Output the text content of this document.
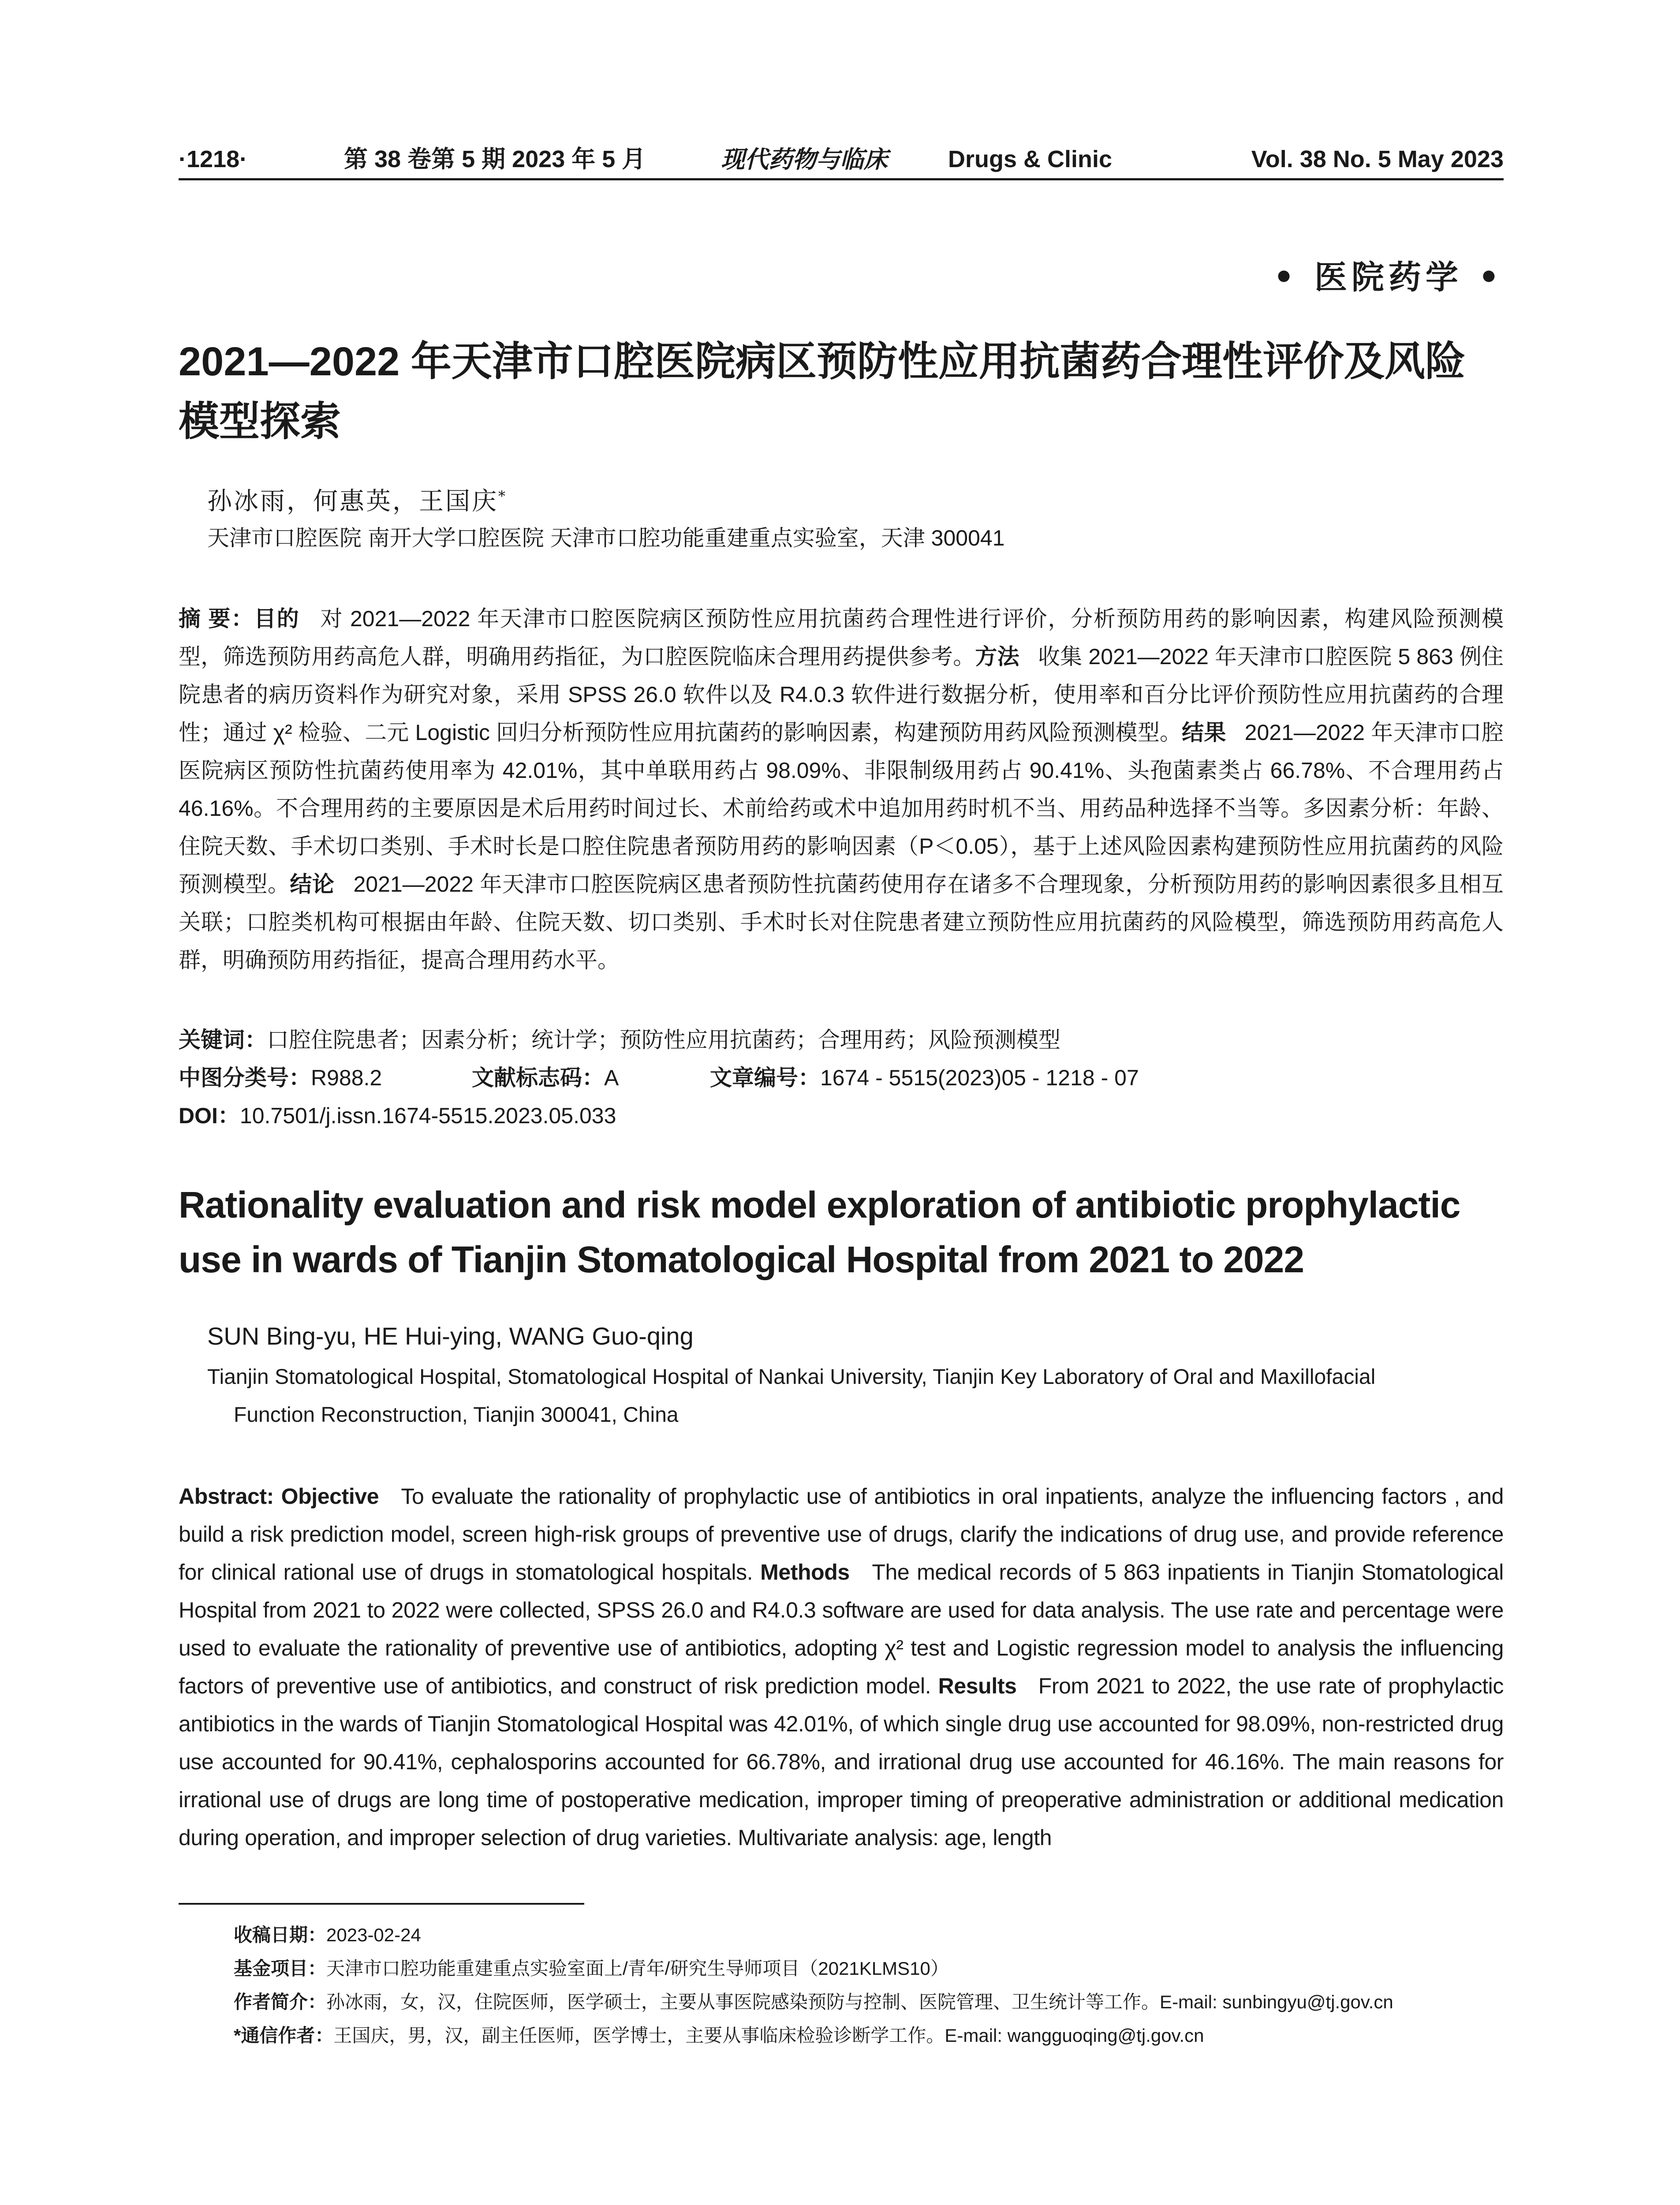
·1218·	第 38 卷第 5 期 2023 年 5 月	现代药物与临床	Drugs & Clinic	Vol. 38 No. 5 May 2023
• 医院药学 •
2021—2022 年天津市口腔医院病区预防性应用抗菌药合理性评价及风险模型探索
孙冰雨，何惠英，王国庆*
天津市口腔医院 南开大学口腔医院 天津市口腔功能重建重点实验室，天津 300041
摘 要：目的 对 2021—2022 年天津市口腔医院病区预防性应用抗菌药合理性进行评价，分析预防用药的影响因素，构建风险预测模型，筛选预防用药高危人群，明确用药指征，为口腔医院临床合理用药提供参考。方法 收集 2021—2022 年天津市口腔医院 5 863 例住院患者的病历资料作为研究对象，采用 SPSS 26.0 软件以及 R4.0.3 软件进行数据分析，使用率和百分比评价预防性应用抗菌药的合理性；通过 χ² 检验、二元 Logistic 回归分析预防性应用抗菌药的影响因素，构建预防用药风险预测模型。结果 2021—2022 年天津市口腔医院病区预防性抗菌药使用率为 42.01%，其中单联用药占 98.09%、非限制级用药占 90.41%、头孢菌素类占 66.78%、不合理用药占 46.16%。不合理用药的主要原因是术后用药时间过长、术前给药或术中追加用药时机不当、用药品种选择不当等。多因素分析：年龄、住院天数、手术切口类别、手术时长是口腔住院患者预防用药的影响因素（P＜0.05），基于上述风险因素构建预防性应用抗菌药的风险预测模型。结论 2021—2022 年天津市口腔医院病区患者预防性抗菌药使用存在诸多不合理现象，分析预防用药的影响因素很多且相互关联；口腔类机构可根据由年龄、住院天数、切口类别、手术时长对住院患者建立预防性应用抗菌药的风险模型，筛选预防用药高危人群，明确预防用药指征，提高合理用药水平。
关键词：口腔住院患者；因素分析；统计学；预防性应用抗菌药；合理用药；风险预测模型
中图分类号：R988.2	文献标志码：A	文章编号：1674 - 5515(2023)05 - 1218 - 07
DOI：10.7501/j.issn.1674-5515.2023.05.033
Rationality evaluation and risk model exploration of antibiotic prophylactic use in wards of Tianjin Stomatological Hospital from 2021 to 2022
SUN Bing-yu, HE Hui-ying, WANG Guo-qing
Tianjin Stomatological Hospital, Stomatological Hospital of Nankai University, Tianjin Key Laboratory of Oral and Maxillofacial
Function Reconstruction, Tianjin 300041, China
Abstract: Objective To evaluate the rationality of prophylactic use of antibiotics in oral inpatients, analyze the influencing factors , and build a risk prediction model, screen high-risk groups of preventive use of drugs, clarify the indications of drug use, and provide reference for clinical rational use of drugs in stomatological hospitals. Methods The medical records of 5 863 inpatients in Tianjin Stomatological Hospital from 2021 to 2022 were collected, SPSS 26.0 and R4.0.3 software are used for data analysis. The use rate and percentage were used to evaluate the rationality of preventive use of antibiotics, adopting χ² test and Logistic regression model to analysis the influencing factors of preventive use of antibiotics, and construct of risk prediction model. Results From 2021 to 2022, the use rate of prophylactic antibiotics in the wards of Tianjin Stomatological Hospital was 42.01%, of which single drug use accounted for 98.09%, non-restricted drug use accounted for 90.41%, cephalosporins accounted for 66.78%, and irrational drug use accounted for 46.16%. The main reasons for irrational use of drugs are long time of postoperative medication, improper timing of preoperative administration or additional medication during operation, and improper selection of drug varieties. Multivariate analysis: age, length
收稿日期：2023-02-24
基金项目：天津市口腔功能重建重点实验室面上/青年/研究生导师项目（2021KLMS10）
作者简介：孙冰雨，女，汉，住院医师，医学硕士，主要从事医院感染预防与控制、医院管理、卫生统计等工作。E-mail: sunbingyu@tj.gov.cn
*通信作者：王国庆，男，汉，副主任医师，医学博士，主要从事临床检验诊断学工作。E-mail: wangguoqing@tj.gov.cn
